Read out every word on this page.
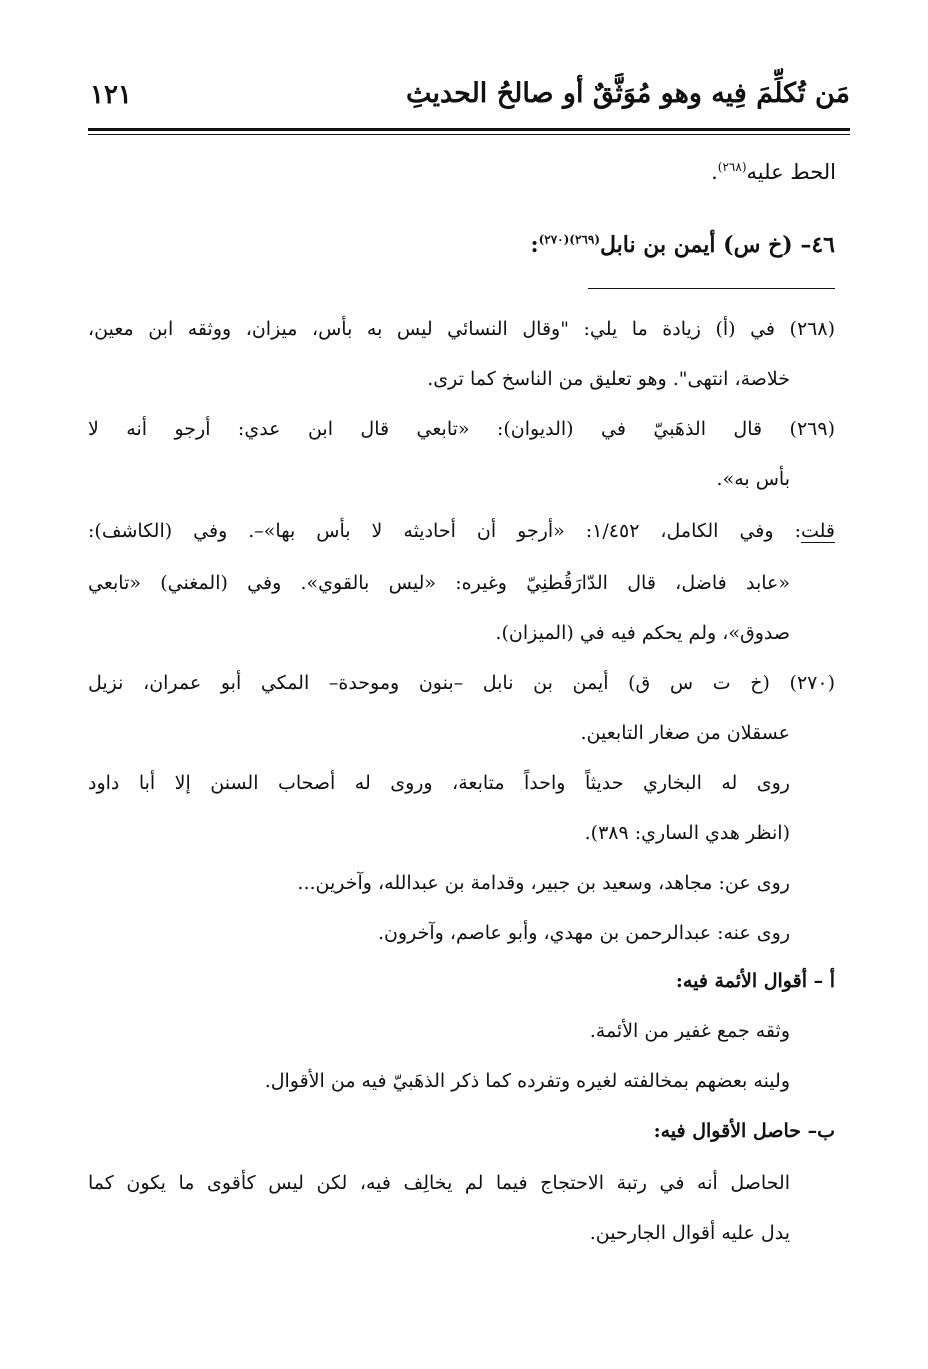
مَن تُكلِّمَ فِيه وهو مُوَثَّقٌ أو صالحُ الحديثِ
١٢١
الحط عليه$^{(٢٦٨)}$.
٤٦– (خ س) أيمن بن نابل$^{(٢٦٩)(٢٧٠)}$:
(٢٦٨) في (أ) زيادة ما يلي: "وقال النسائي ليس به بأس، ميزان، ووثقه ابن معين،
خلاصة، انتهى". وهو تعليق من الناسخ كما ترى.
(٢٦٩) قال الذهَبيّ في (الديوان): «تابعي قال ابن عدي: أرجو أنه لا
بأس به».
قلت: وفي الكامل، ١/٤٥٢: «أرجو أن أحاديثه لا بأس بها»–. وفي (الكاشف):
«عابد فاضل، قال الدّارَقُطنِيّ وغيره: «ليس بالقوي». وفي (المغني) «تابعي
صدوق»، ولم يحكم فيه في (الميزان).
(٢٧٠) (خ ت س ق) أيمن بن نابل –بنون وموحدة– المكي أبو عمران، نزيل
عسقلان من صغار التابعين.
روى له البخاري حديثاً واحداً متابعة، وروى له أصحاب السنن إلا أبا داود
(انظر هدي الساري: ٣٨٩).
روى عن: مجاهد، وسعيد بن جبير، وقدامة بن عبدالله، وآخرين...
روى عنه: عبدالرحمن بن مهدي، وأبو عاصم، وآخرون.
أ – أقوال الأئمة فيه:
وثقه جمع غفير من الأئمة.
ولينه بعضهم بمخالفته لغيره وتفرده كما ذكر الذهَبيّ فيه من الأقوال.
ب– حاصل الأقوال فيه:
الحاصل أنه في رتبة الاحتجاج فيما لم يخالِف فيه، لكن ليس كأقوى ما يكون كما
يدل عليه أقوال الجارحين.
